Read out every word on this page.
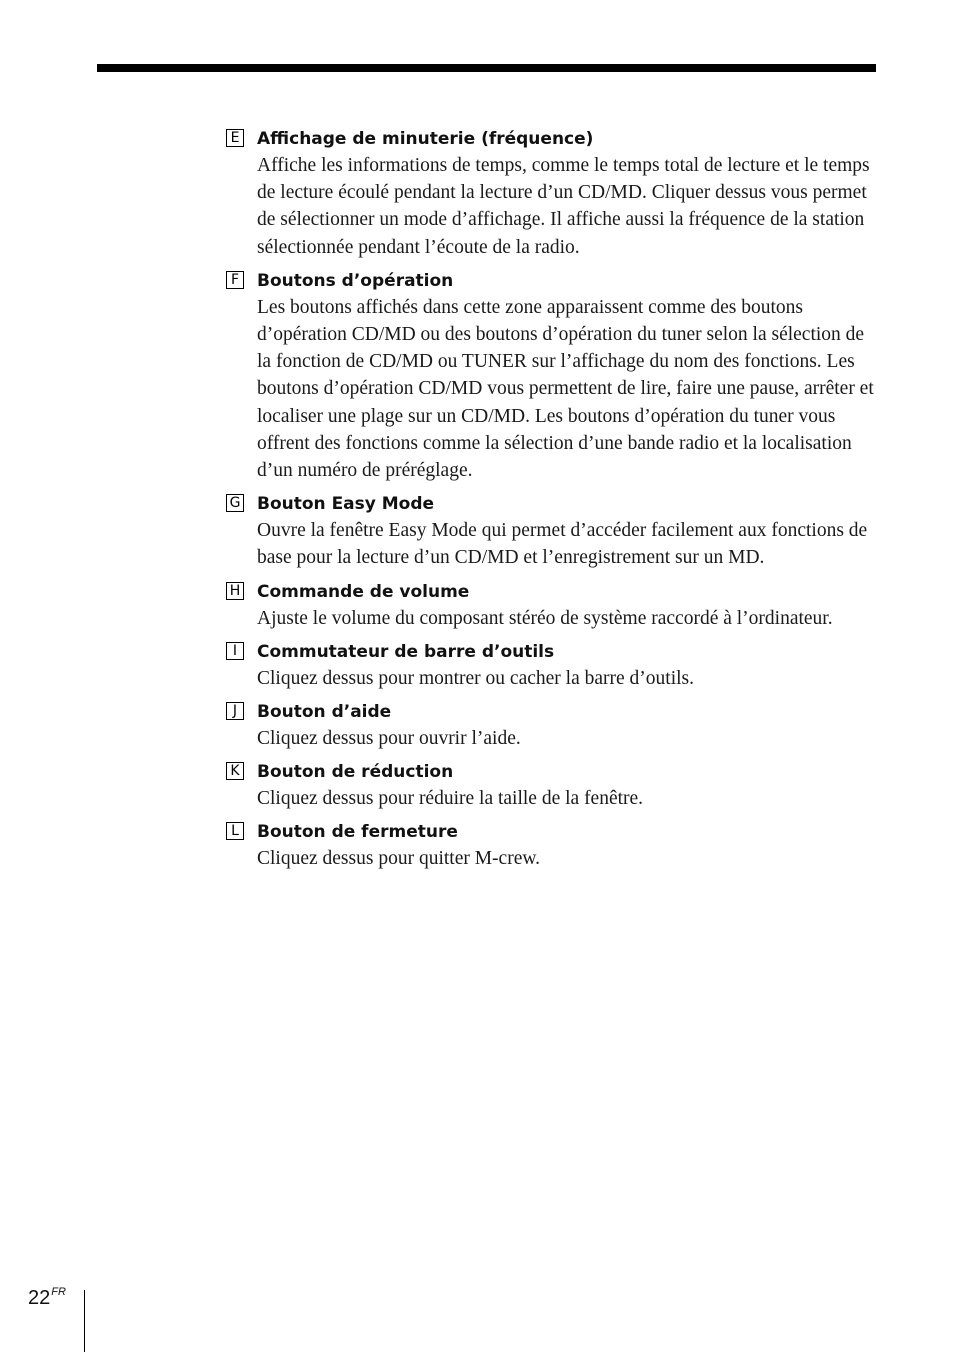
E Affichage de minuterie (fréquence)

Affiche les informations de temps, comme le temps total de lecture et le temps de lecture écoulé pendant la lecture d’un CD/MD. Cliquer dessus vous permet de sélectionner un mode d’affichage. Il affiche aussi la fréquence de la station sélectionnée pendant l’écoute de la radio.

F Boutons d’opération

Les boutons affichés dans cette zone apparaissent comme des boutons d’opération CD/MD ou des boutons d’opération du tuner selon la sélection de la fonction de CD/MD ou TUNER sur l’affichage du nom des fonctions. Les boutons d’opération CD/MD vous permettent de lire, faire une pause, arrêter et localiser une plage sur un CD/MD. Les boutons d’opération du tuner vous offrent des fonctions comme la sélection d’une bande radio et la localisation d’un numéro de préréglage.

G Bouton Easy Mode

Ouvre la fenêtre Easy Mode qui permet d’accéder facilement aux fonctions de base pour la lecture d’un CD/MD et l’enregistrement sur un MD.

H Commande de volume

Ajuste le volume du composant stéréo de système raccordé à l’ordinateur.

I	Commutateur de barre d’outils

Cliquez dessus pour montrer ou cacher la barre d’outils.

J	Bouton d’aide

Cliquez dessus pour ouvrir l’aide.

K Bouton de réduction

Cliquez dessus pour réduire la taille de la fenêtre.

L Bouton de fermeture

Cliquez dessus pour quitter M-crew.

$22^{FR}$
